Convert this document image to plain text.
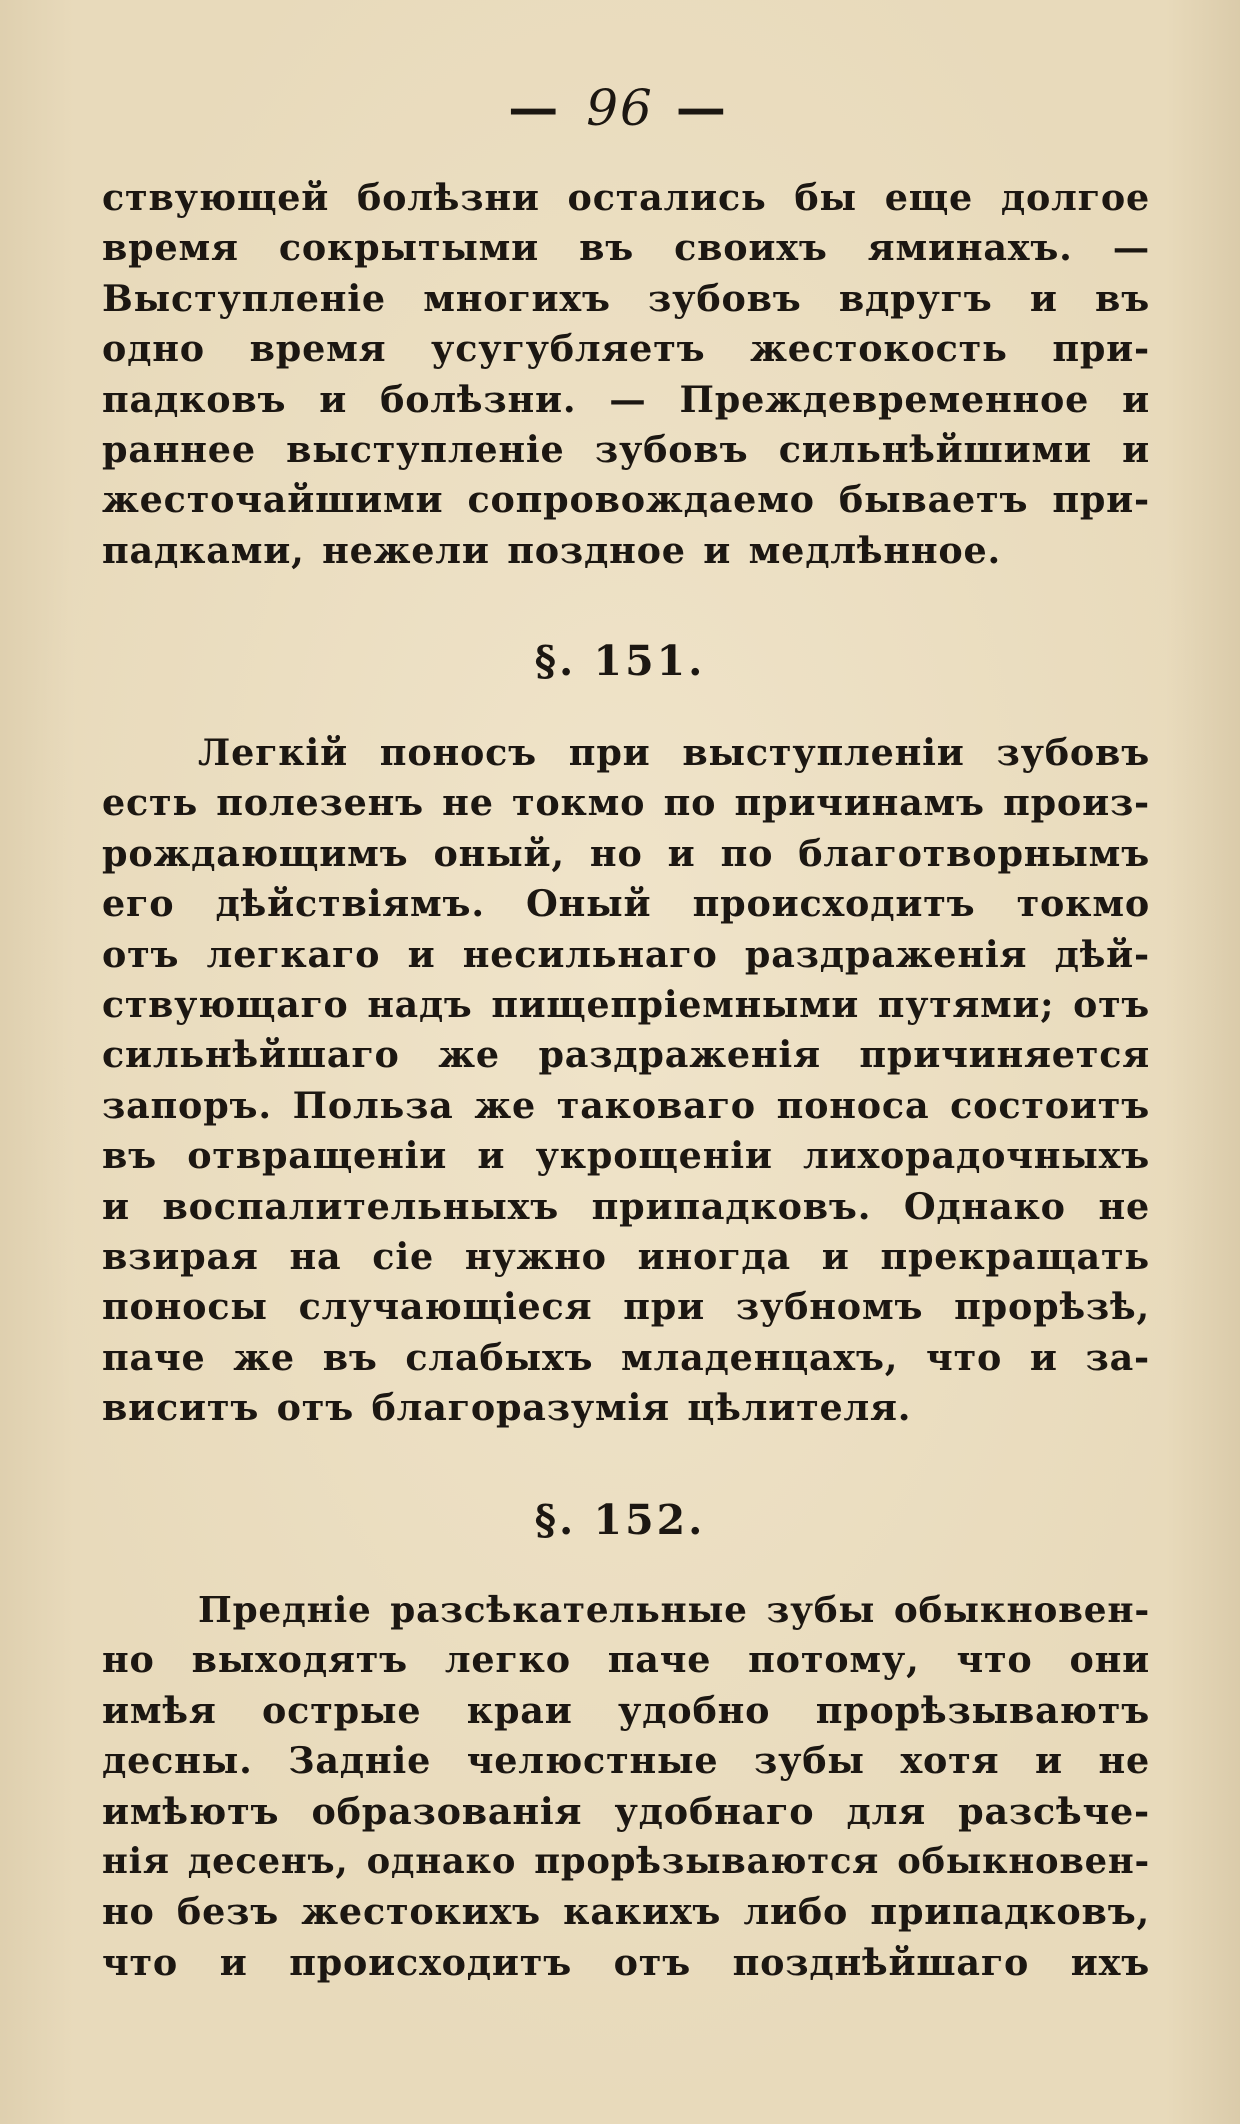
— 96 —
ствующей болѣзни остались бы еще долгое
время сокрытыми въ своихъ яминахъ. —
Выступленіе многихъ зубовъ вдругъ и въ
одно время усугубляетъ жестокость при-
падковъ и болѣзни. — Преждевременное и
раннее выступленіе зубовъ сильнѣйшими и
жесточайшими сопровождаемо бываетъ при-
падками, нежели поздное и медлѣнное.
§. 151.
Легкій поносъ при выступленіи зубовъ
есть полезенъ не токмо по причинамъ произ-
рождающимъ оный, но и по благотворнымъ
его дѣйствіямъ. Оный происходитъ токмо
отъ легкаго и несильнаго раздраженія дѣй-
ствующаго надъ пищепріемными путями; отъ
сильнѣйшаго же раздраженія причиняется
запоръ. Польза же таковаго поноса состоитъ
въ отвращеніи и укрощеніи лихорадочныхъ
и воспалительныхъ припадковъ. Однако не
взирая на сіе нужно иногда и прекращать
поносы случающіеся при зубномъ прорѣзѣ,
паче же въ слабыхъ младенцахъ, что и за-
виситъ отъ благоразумія цѣлителя.
§. 152.
Предніе разсѣкательные зубы обыкновен-
но выходятъ легко паче потому, что они
имѣя острые краи удобно прорѣзываютъ
десны. Задніе челюстные зубы хотя и не
имѣютъ образованія удобнаго для разсѣче-
нія десенъ, однако прорѣзываются обыкновен-
но безъ жестокихъ какихъ либо припадковъ,
что и происходитъ отъ позднѣйшаго ихъ
